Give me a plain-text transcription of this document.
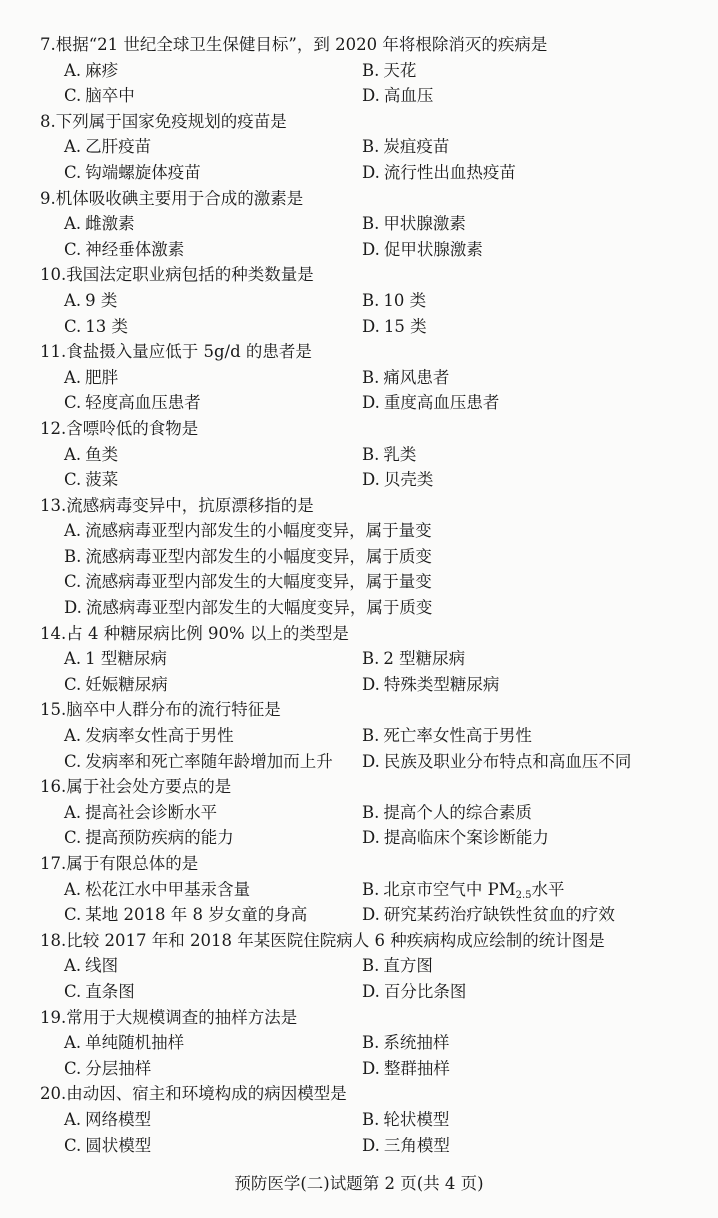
7.根据“21 世纪全球卫生保健目标”，到 2020 年将根除消灭的疾病是
A. 麻疹	B. 天花
C. 脑卒中	D. 高血压
8.下列属于国家免疫规划的疫苗是
A. 乙肝疫苗	B. 炭疽疫苗
C. 钩端螺旋体疫苗	D. 流行性出血热疫苗
9.机体吸收碘主要用于合成的激素是
A. 雌激素	B. 甲状腺激素
C. 神经垂体激素	D. 促甲状腺激素
10.我国法定职业病包括的种类数量是
A. 9 类	B. 10 类
C. 13 类	D. 15 类
11.食盐摄入量应低于 5g/d 的患者是
A. 肥胖	B. 痛风患者
C. 轻度高血压患者	D. 重度高血压患者
12.含嘌呤低的食物是
A. 鱼类	B. 乳类
C. 菠菜	D. 贝壳类
13.流感病毒变异中，抗原漂移指的是
A. 流感病毒亚型内部发生的小幅度变异，属于量变
B. 流感病毒亚型内部发生的小幅度变异，属于质变
C. 流感病毒亚型内部发生的大幅度变异，属于量变
D. 流感病毒亚型内部发生的大幅度变异，属于质变
14.占 4 种糖尿病比例 90% 以上的类型是
A. 1 型糖尿病	B. 2 型糖尿病
C. 妊娠糖尿病	D. 特殊类型糖尿病
15.脑卒中人群分布的流行特征是
A. 发病率女性高于男性	B. 死亡率女性高于男性
C. 发病率和死亡率随年龄增加而上升 D. 民族及职业分布特点和高血压不同
16.属于社会处方要点的是
A. 提高社会诊断水平	B. 提高个人的综合素质
C. 提高预防疾病的能力	D. 提高临床个案诊断能力
17.属于有限总体的是
A. 松花江水中甲基汞含量	B. 北京市空气中 $PM_{2.5}$水平
C. 某地 2018 年 8 岁女童的身高	D. 研究某药治疗缺铁性贫血的疗效
18.比较 2017 年和 2018 年某医院住院病人 6 种疾病构成应绘制的统计图是
A. 线图	B. 直方图
C. 直条图	D. 百分比条图
19.常用于大规模调查的抽样方法是
A. 单纯随机抽样	B. 系统抽样
C. 分层抽样	D. 整群抽样
20.由动因、宿主和环境构成的病因模型是
A. 网络模型	B. 轮状模型
C. 圆状模型	D. 三角模型
预防医学(二)试题第 2 页(共 4 页)
